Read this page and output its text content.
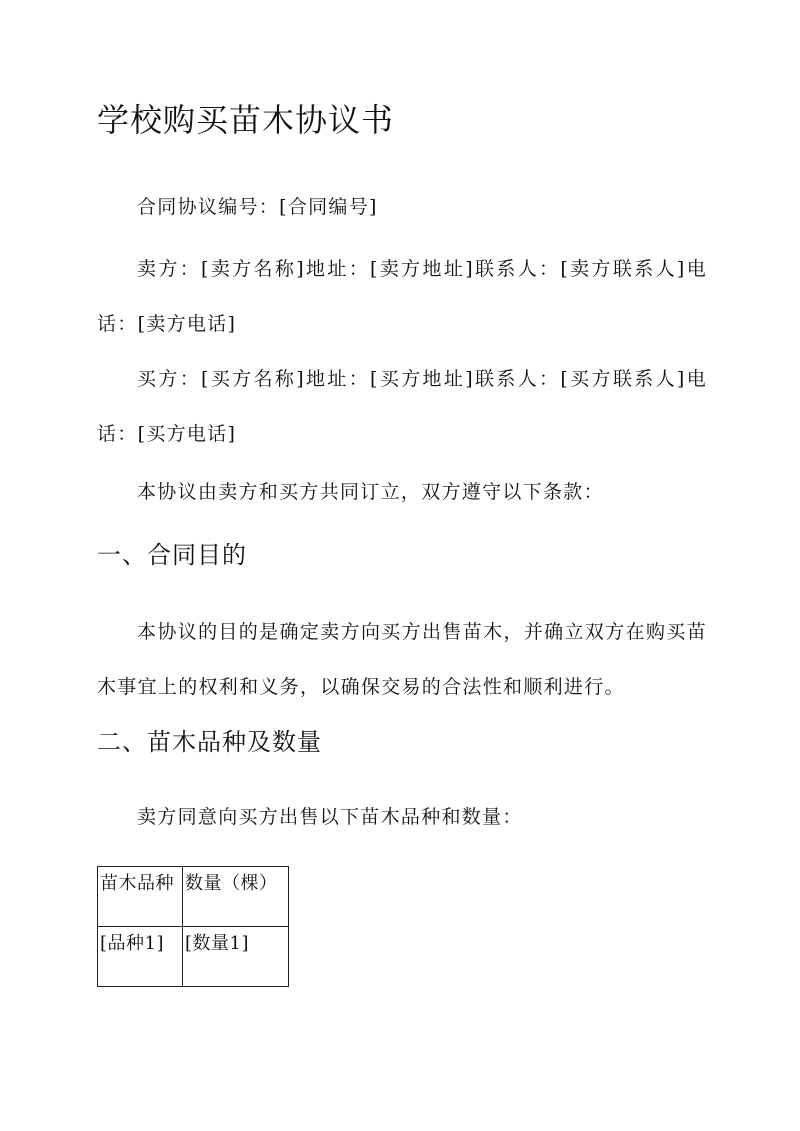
学校购买苗木协议书

合同协议编号：[合同编号]

卖方：[卖方名称]地址：[卖方地址]联系人：[卖方联系人]电话：[卖方电话]

买方：[买方名称]地址：[买方地址]联系人：[买方联系人]电话：[买方电话]

本协议由卖方和买方共同订立，双方遵守以下条款：

一、合同目的

本协议的目的是确定卖方向买方出售苗木，并确立双方在购买苗木事宜上的权利和义务，以确保交易的合法性和顺利进行。

二、苗木品种及数量

卖方同意向买方出售以下苗木品种和数量：

苗木品种	数量（棵）
[品种1]	[数量1]
